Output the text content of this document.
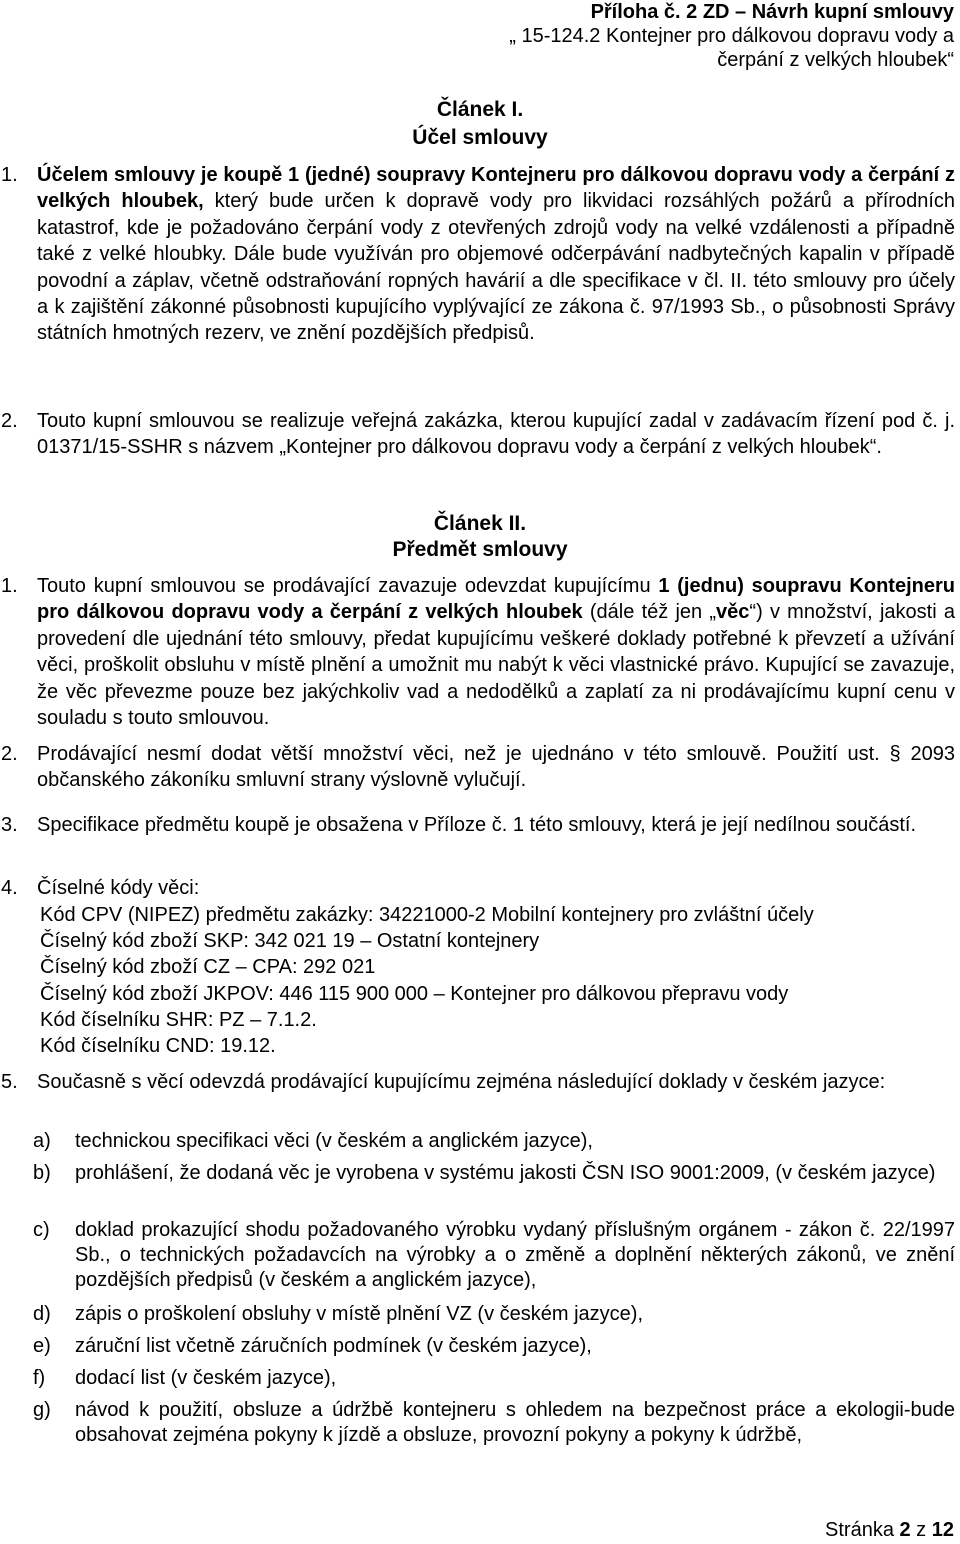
Příloha č. 2 ZD – Návrh kupní smlouvy
„ 15-124.2 Kontejner pro dálkovou dopravu vody a
čerpání z velkých hloubek“
Článek I.
Účel smlouvy
1. Účelem smlouvy je koupě 1 (jedné) soupravy Kontejneru pro dálkovou dopravu vody a čerpání z velkých hloubek, který bude určen k dopravě vody pro likvidaci rozsáhlých požárů a přírodních katastrof, kde je požadováno čerpání vody z otevřených zdrojů vody na velké vzdálenosti a případně také z velké hloubky. Dále bude využíván pro objemové odčerpávání nadbytečných kapalin v případě povodní a záplav, včetně odstraňování ropných havárií a dle specifikace v čl. II. této smlouvy pro účely a k zajištění zákonné působnosti kupujícího vyplývající ze zákona č. 97/1993 Sb., o působnosti Správy státních hmotných rezerv, ve znění pozdějších předpisů.
2. Touto kupní smlouvou se realizuje veřejná zakázka, kterou kupující zadal v zadávacím řízení pod č. j. 01371/15-SSHR s názvem „Kontejner pro dálkovou dopravu vody a čerpání z velkých hloubek“.
Článek II.
Předmět smlouvy
1. Touto kupní smlouvou se prodávající zavazuje odevzdat kupujícímu 1 (jednu) soupravu Kontejneru pro dálkovou dopravu vody a čerpání z velkých hloubek (dále též jen „věc“) v množství, jakosti a provedení dle ujednání této smlouvy, předat kupujícímu veškeré doklady potřebné k převzetí a užívání věci, proškolit obsluhu v místě plnění a umožnit mu nabýt k věci vlastnické právo. Kupující se zavazuje, že věc převezme pouze bez jakýchkoliv vad a nedodělků a zaplatí za ni prodávajícímu kupní cenu v souladu s touto smlouvou.
2. Prodávající nesmí dodat větší množství věci, než je ujednáno v této smlouvě. Použití ust. § 2093 občanského zákoníku smluvní strany výslovně vylučují.
3. Specifikace předmětu koupě je obsažena v Příloze č. 1 této smlouvy, která je její nedílnou součástí.
4. Číselné kódy věci:
Kód CPV (NIPEZ) předmětu zakázky: 34221000-2 Mobilní kontejnery pro zvláštní účely
Číselný kód zboží SKP: 342 021 19 – Ostatní kontejnery
Číselný kód zboží CZ – CPA: 292 021
Číselný kód zboží JKPOV: 446 115 900 000 – Kontejner pro dálkovou přepravu vody
Kód číselníku SHR: PZ – 7.1.2.
Kód číselníku CND: 19.12.
5. Současně s věcí odevzdá prodávající kupujícímu zejména následující doklady v českém jazyce:
a) technickou specifikaci věci (v českém a anglickém jazyce),
b) prohlášení, že dodaná věc je vyrobena v systému jakosti ČSN ISO 9001:2009, (v českém jazyce)
c) doklad prokazující shodu požadovaného výrobku vydaný příslušným orgánem - zákon č. 22/1997 Sb., o technických požadavcích na výrobky a o změně a doplnění některých zákonů, ve znění pozdějších předpisů (v českém a anglickém jazyce),
d) zápis o proškolení obsluhy v místě plnění VZ (v českém jazyce),
e) záruční list včetně záručních podmínek (v českém jazyce),
f) dodací list (v českém jazyce),
g) návod k použití, obsluze a údržbě kontejneru s ohledem na bezpečnost práce a ekologii-bude obsahovat zejména pokyny k jízdě a obsluze, provozní pokyny a pokyny k údržbě,
Stránka 2 z 12
